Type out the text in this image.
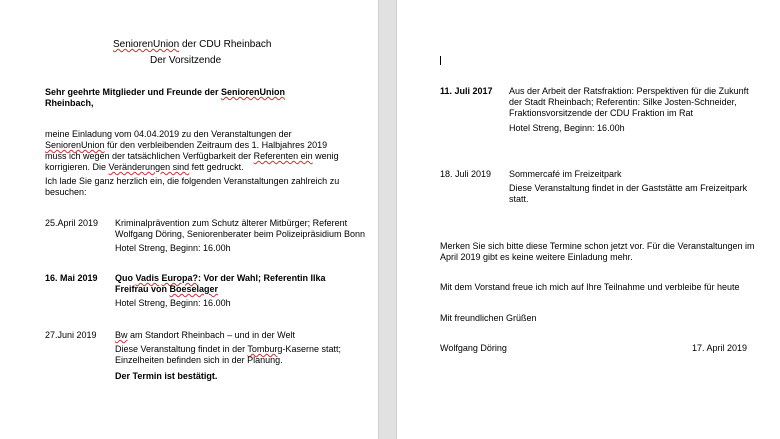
SeniorenUnion der CDU Rheinbach
Der Vorsitzende
Sehr geehrte Mitglieder und Freunde der SeniorenUnion
Rheinbach,
meine Einladung vom 04.04.2019 zu den Veranstaltungen der
SeniorenUnion für den verbleibenden Zeitraum des 1. Halbjahres 2019
muss ich wegen der tatsächlichen Verfügbarkeit der Referenten ein wenig
korrigieren. Die Veränderungen sind fett gedruckt.
Ich lade Sie ganz herzlich ein, die folgenden Veranstaltungen zahlreich zu
besuchen:
25.April 2019 Kriminalprävention zum Schutz älterer Mitbürger; Referent
Wolfgang Döring, Seniorenberater beim Polizeipräsidium Bonn
Hotel Streng, Beginn: 16.00h
16. Mai 2019 Quo Vadis Europa?: Vor der Wahl; Referentin Ilka
Freifrau von Boeselager
Hotel Streng, Beginn: 16.00h
27.Juni 2019 Bw am Standort Rheinbach – und in der Welt
Diese Veranstaltung findet in der Tomburg-Kaserne statt;
Einzelheiten befinden sich in der Planung.
Der Termin ist bestätigt.
11. Juli 2017 Aus der Arbeit der Ratsfraktion: Perspektiven für die Zukunft
der Stadt Rheinbach; Referentin: Silke Josten-Schneider,
Fraktionsvorsitzende der CDU Fraktion im Rat
Hotel Streng, Beginn: 16.00h
18. Juli 2019 Sommercafé im Freizeitpark
Diese Veranstaltung findet in der Gaststätte am Freizeitpark
statt.
Merken Sie sich bitte diese Termine schon jetzt vor. Für die Veranstaltungen im
April 2019 gibt es keine weitere Einladung mehr.
Mit dem Vorstand freue ich mich auf Ihre Teilnahme und verbleibe für heute
Mit freundlichen Grüßen
Wolfgang Döring	17. April 2019
